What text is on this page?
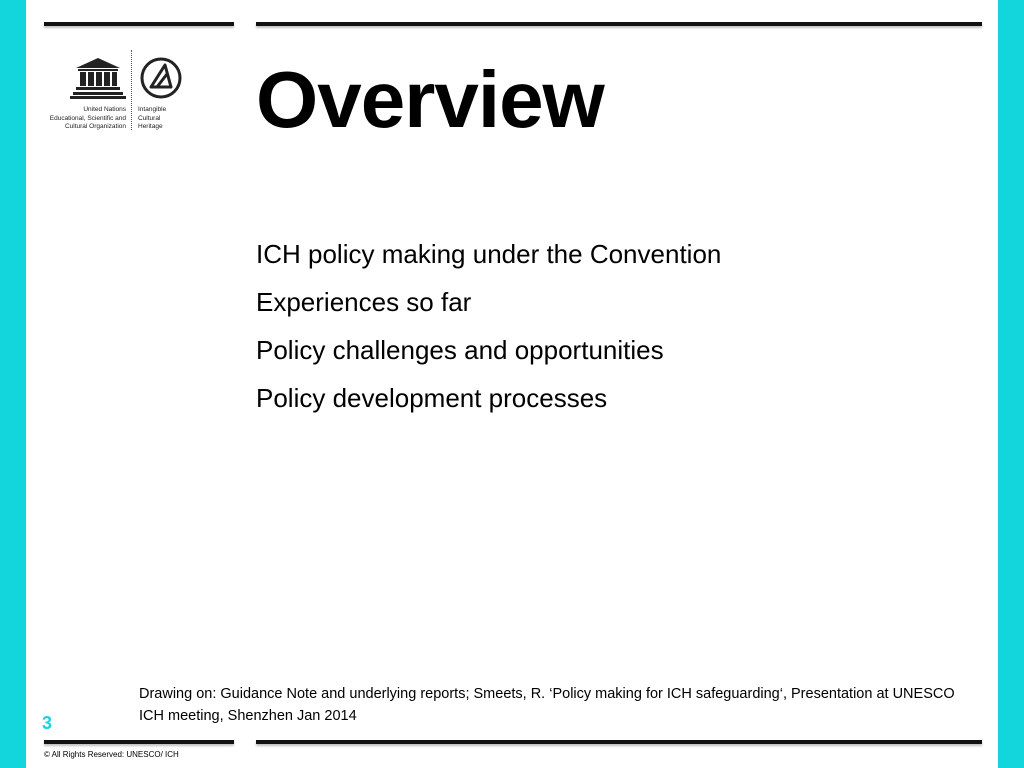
United Nations
Educational, Scientific and
Cultural Organization
Intangible
Cultural
Heritage Overview
ICH policy making under the Convention
Experiences so far
Policy challenges and opportunities
Policy development processes
Drawing on: Guidance Note and underlying reports; Smeets, R. ‘Policy making for ICH safeguarding‘, Presentation at UNESCO ICH meeting, Shenzhen Jan 2014
3
© All Rights Reserved: UNESCO/ ICH
